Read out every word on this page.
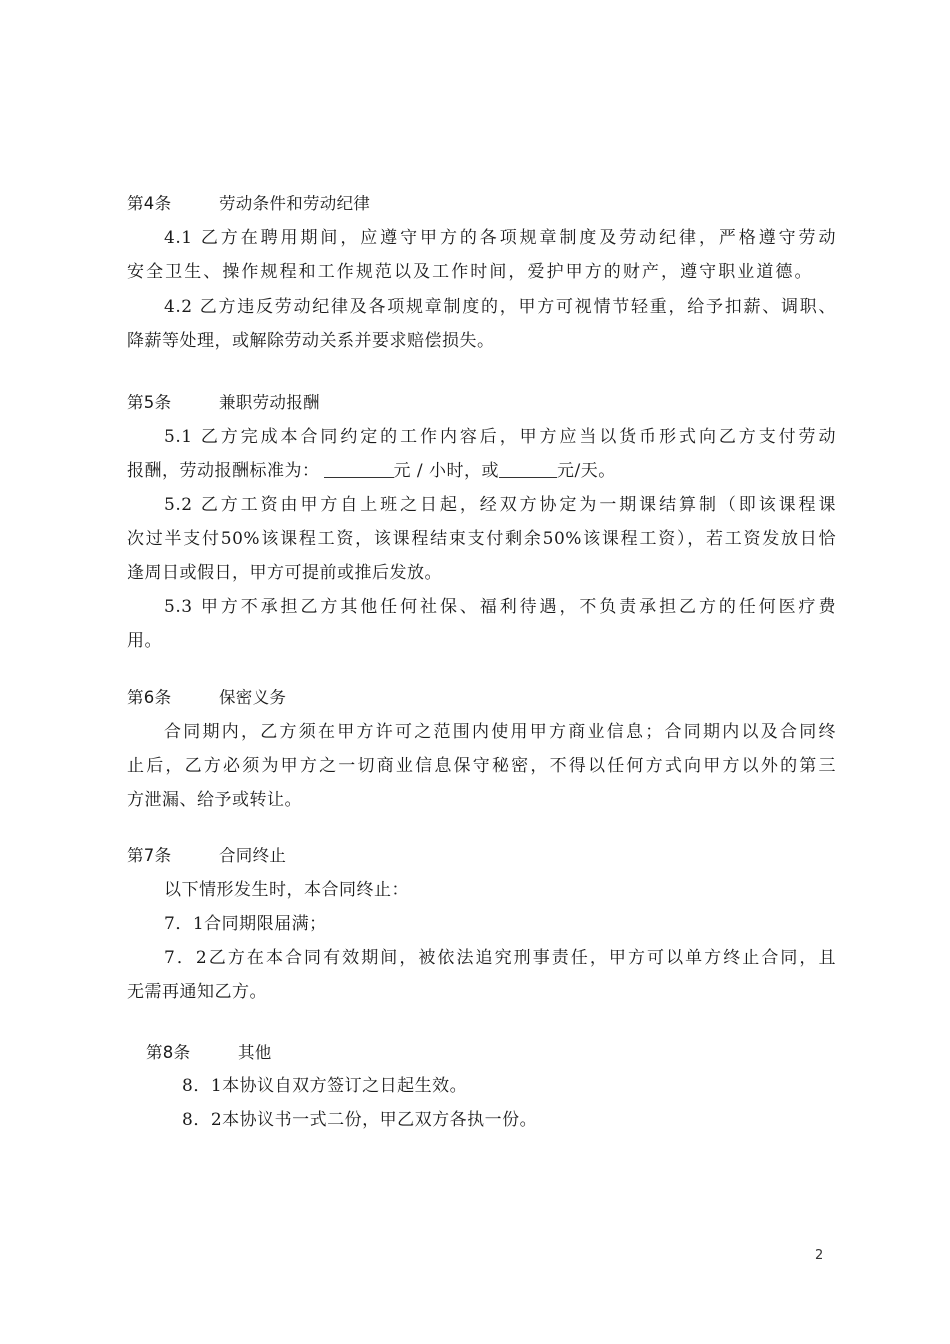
第4条	劳动条件和劳动纪律
4.1 乙方在聘用期间，应遵守甲方的各项规章制度及劳动纪律，严格遵守劳动
安全卫生、操作规程和工作规范以及工作时间，爱护甲方的财产，遵守职业道德。
4.2 乙方违反劳动纪律及各项规章制度的，甲方可视情节轻重，给予扣薪、调职、
降薪等处理，或解除劳动关系并要求赔偿损失。
第5条	兼职劳动报酬
5.1 乙方完成本合同约定的工作内容后，甲方应当以货币形式向乙方支付劳动
报酬，劳动报酬标准为：	元 / 小时，或	元/天。
5.2 乙方工资由甲方自上班之日起，经双方协定为一期课结算制（即该课程课
次过半支付50%该课程工资，该课程结束支付剩余50%该课程工资），若工资发放日恰
逢周日或假日，甲方可提前或推后发放。
5.3 甲方不承担乙方其他任何社保、福利待遇，不负责承担乙方的任何医疗费
用。
第6条	保密义务
合同期内，乙方须在甲方许可之范围内使用甲方商业信息；合同期内以及合同终
止后，乙方必须为甲方之一切商业信息保守秘密，不得以任何方式向甲方以外的第三
方泄漏、给予或转让。
第7条	合同终止
以下情形发生时，本合同终止：
7．1合同期限届满；
7．2乙方在本合同有效期间，被依法追究刑事责任，甲方可以单方终止合同，且
无需再通知乙方。
第8条	其他
8．1本协议自双方签订之日起生效。
8．2本协议书一式二份，甲乙双方各执一份。
2
